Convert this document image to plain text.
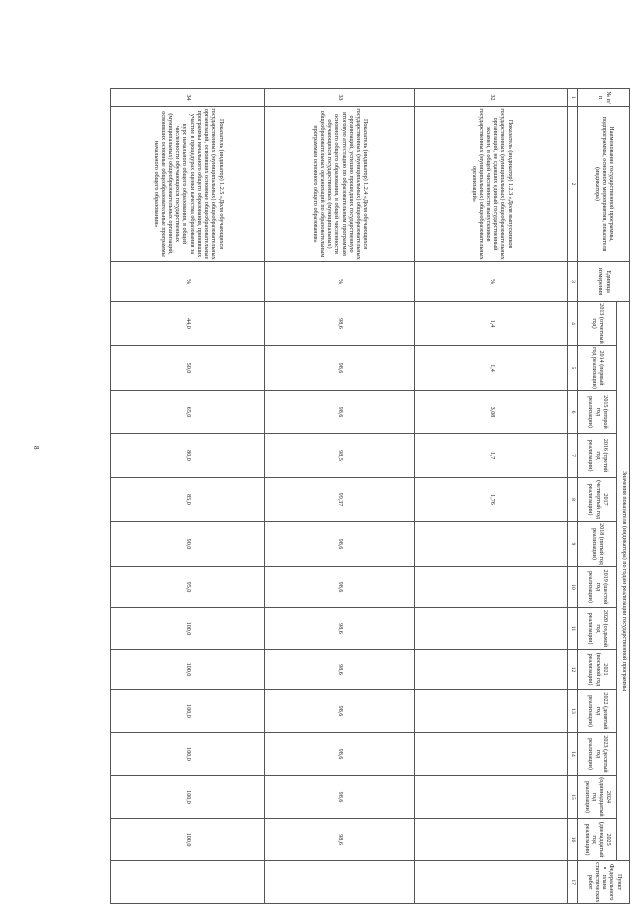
8
№ п/п	Наименование государственной программы, подпрограммы, основного мероприятия, показателя (индикатора)	Единица измерения	Значения показателя (индикатора) по годам реализации государственной программы													Пункт Федерального плана статистических работ
			2013 (отчетный год)	2014 (первый год реализации)	2015 (второй год реализации)	2016 (третий год реализации)	2017 (четвертый год реализации)	2018 (пятый год реализации)	2019 (шестой год реализации)	2020 (седьмой год реализации)	2021 (восьмой год реализации)	2022 (девятый год реализации)	2023 (десятый год реализации)	2024 (одиннадцатый год реализации)	2025 (двенадцатый год реализации)	
1	2	3	4	5	6	7	8	9	10	11	12	13	14	15	16	17
32	Показатель (индикатор) 1.2.3 «Доля выпускников государственных (муниципальных) общеобразовательных организаций, не сдавших единый государственный экзамен, в общей численности выпускников государственных (муниципальных) общеобразовательных организаций»	%	1,4	1,4	3,08	1,7	1,76									
33	Показатель (индикатор) 1.2.4 «Доля обучающихся государственных (муниципальных) общеобразовательных организаций, успешно прошедших государственную итоговую аттестацию по образовательным программам основного общего образования, в общей численности обучающихся государственных (муниципальных) общеобразовательных организаций по образовательным программам основного общего образования»	%	98,6	98,6	98,6	98,5	99,37	98,6	98,6	98,6	98,6	98,6	98,6	98,6	98,6	
34	Показатель (индикатор) 1.2.5 «Доля обучающихся государственных (муниципальных) общеобразовательных организаций, освоивших основные общеобразовательные программы начального общего образования, принявших участие в процедурах оценки качества образования за курс начального общего образования, в общей численности обучающихся государственных (муниципальных) общеобразовательных организаций, освоивших основные общеобразовательные программы начального общего образования»	%	44,0	50,0	65,0	80,0	85,0	90,0	95,0	100,0	100,0	100,0	100,0	100,0	100,0	
